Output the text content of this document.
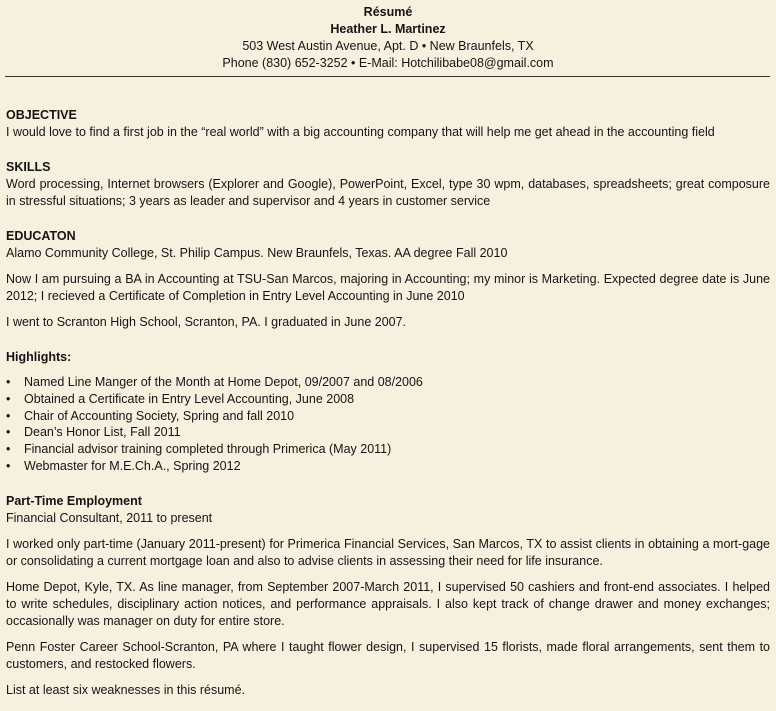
Résumé
Heather L. Martinez
503 West Austin Avenue, Apt. D • New Braunfels, TX
Phone (830) 652-3252 • E-Mail: Hotchilibabe08@gmail.com
OBJECTIVE

I would love to find a first job in the “real world” with a big accounting company that will help me get ahead in the accounting field

SKILLS

Word processing, Internet browsers (Explorer and Google), PowerPoint, Excel, type 30 wpm, databases, spreadsheets; great composure in stressful situations; 3 years as leader and supervisor and 4 years in customer service

EDUCATON

Alamo Community College, St. Philip Campus. New Braunfels, Texas. AA degree Fall 2010

Now I am pursuing a BA in Accounting at TSU-San Marcos, majoring in Accounting; my minor is Marketing. Expected degree date is June 2012; I recieved a Certificate of Completion in Entry Level Accounting in June 2010

I went to Scranton High School, Scranton, PA. I graduated in June 2007.

Highlights:
• Named Line Manger of the Month at Home Depot, 09/2007 and 08/2006
• Obtained a Certificate in Entry Level Accounting, June 2008
• Chair of Accounting Society, Spring and fall 2010
• Dean’s Honor List, Fall 2011
• Financial advisor training completed through Primerica (May 2011)
• Webmaster for M.E.Ch.A., Spring 2012
Part-Time Employment

Financial Consultant, 2011 to present

I worked only part-time (January 2011-present) for Primerica Financial Services, San Marcos, TX to assist clients in obtaining a mort-gage or consolidating a current mortgage loan and also to advise clients in assessing their need for life insurance.

Home Depot, Kyle, TX. As line manager, from September 2007-March 2011, I supervised 50 cashiers and front-end associates. I helped to write schedules, disciplinary action notices, and performance appraisals. I also kept track of change drawer and money exchanges; occasionally was manager on duty for entire store.

Penn Foster Career School-Scranton, PA where I taught flower design, I supervised 15 florists, made floral arrangements, sent them to customers, and restocked flowers.

List at least six weaknesses in this résumé.
